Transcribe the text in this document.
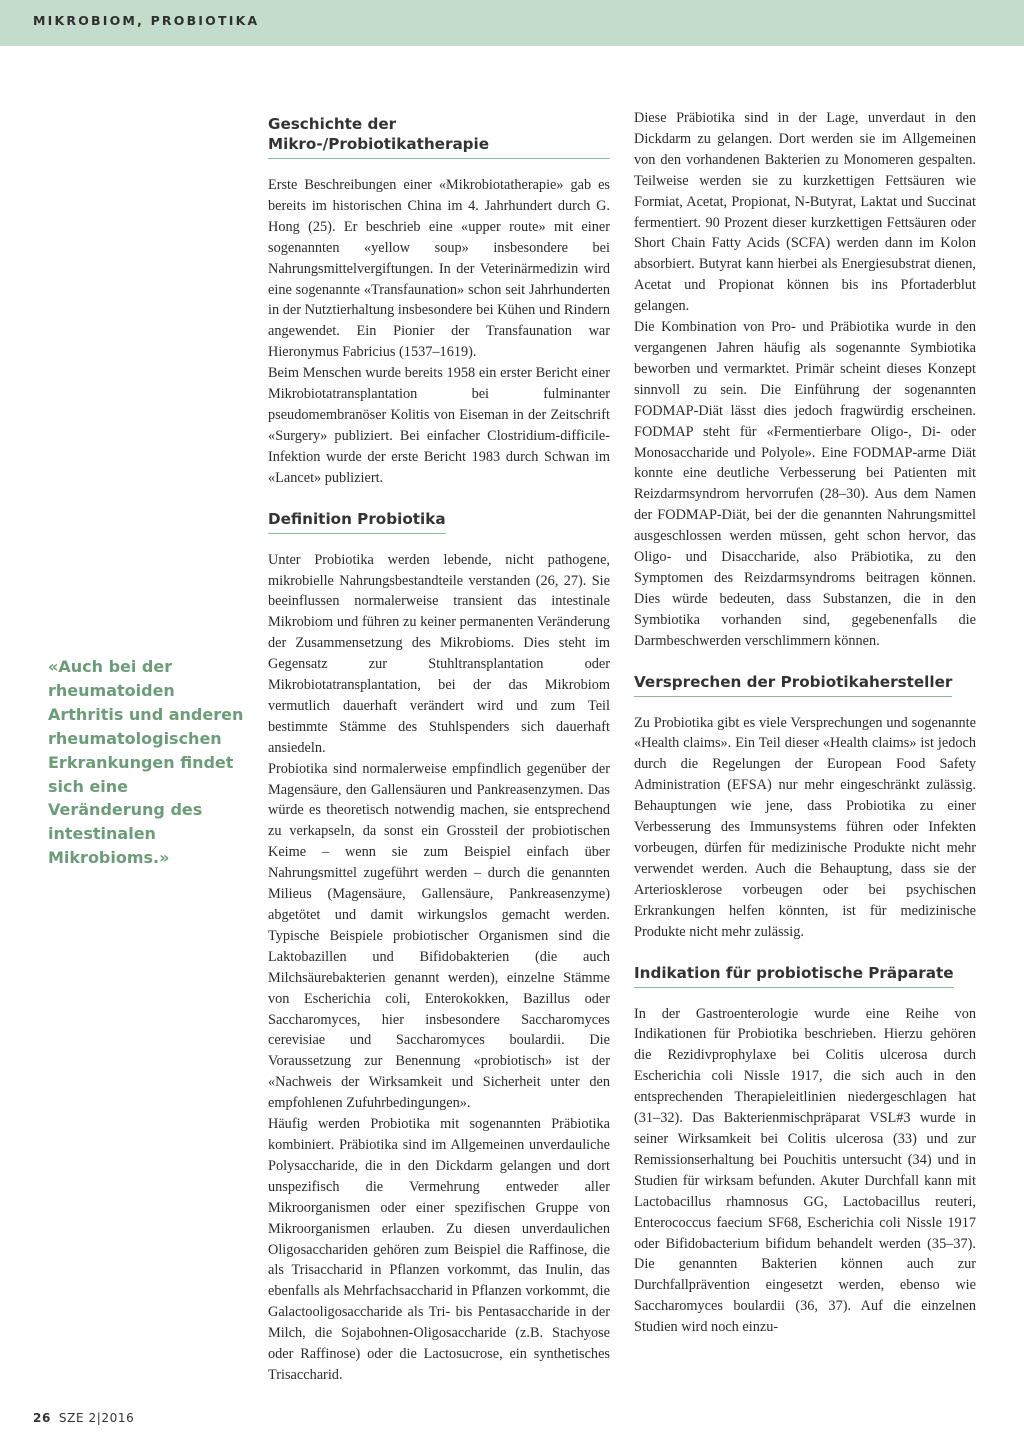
MIKROBIOM, PROBIOTIKA
«Auch bei der rheumatoiden Arthritis und anderen rheumatologischen Erkrankungen findet sich eine Veränderung des intestinalen Mikrobioms.»
Geschichte der Mikro-/Probiotikatherapie

Erste Beschreibungen einer «Mikrobiotatherapie» gab es bereits im historischen China im 4. Jahrhundert durch G. Hong (25). Er beschrieb eine «upper route» mit einer sogenannten «yellow soup» insbesondere bei Nahrungsmittelvergiftungen. In der Veterinärmedizin wird eine sogenannte «Transfaunation» schon seit Jahrhunderten in der Nutztierhaltung insbesondere bei Kühen und Rindern angewendet. Ein Pionier der Transfaunation war Hieronymus Fabricius (1537–1619).

Beim Menschen wurde bereits 1958 ein erster Bericht einer Mikrobiotatransplantation bei fulminanter pseudomembranöser Kolitis von Eiseman in der Zeitschrift «Surgery» publiziert. Bei einfacher Clostridium-difficile-Infektion wurde der erste Bericht 1983 durch Schwan im «Lancet» publiziert.

Definition Probiotika

Unter Probiotika werden lebende, nicht pathogene, mikrobielle Nahrungsbestandteile verstanden (26, 27). Sie beeinflussen normalerweise transient das intestinale Mikrobiom und führen zu keiner permanenten Veränderung der Zusammensetzung des Mikrobioms. Dies steht im Gegensatz zur Stuhltransplantation oder Mikrobiotatransplantation, bei der das Mikrobiom vermutlich dauerhaft verändert wird und zum Teil bestimmte Stämme des Stuhlspenders sich dauerhaft ansiedeln.

Probiotika sind normalerweise empfindlich gegenüber der Magensäure, den Gallensäuren und Pankreasenzymen. Das würde es theoretisch notwendig machen, sie entsprechend zu verkapseln, da sonst ein Grossteil der probiotischen Keime – wenn sie zum Beispiel einfach über Nahrungsmittel zugeführt werden – durch die genannten Milieus (Magensäure, Gallensäure, Pankreasenzyme) abgetötet und damit wirkungslos gemacht werden. Typische Beispiele probiotischer Organismen sind die Laktobazillen und Bifidobakterien (die auch Milchsäurebakterien genannt werden), einzelne Stämme von Escherichia coli, Enterokokken, Bazillus oder Saccharomyces, hier insbesondere Saccharomyces cerevisiae und Saccharomyces boulardii. Die Voraussetzung zur Benennung «probiotisch» ist der «Nachweis der Wirksamkeit und Sicherheit unter den empfohlenen Zufuhrbedingungen».

Häufig werden Probiotika mit sogenannten Präbiotika kombiniert. Präbiotika sind im Allgemeinen unverdauliche Polysaccharide, die in den Dickdarm gelangen und dort unspezifisch die Vermehrung entweder aller Mikroorganismen oder einer spezifischen Gruppe von Mikroorganismen erlauben. Zu diesen unverdaulichen Oligosacchariden gehören zum Beispiel die Raffinose, die als Trisaccharid in Pflanzen vorkommt, das Inulin, das ebenfalls als Mehrfachsaccharid in Pflanzen vorkommt, die Galactooligosaccharide als Tri- bis Pentasaccharide in der Milch, die Sojabohnen-Oligosaccharide (z.B. Stachyose oder Raffinose) oder die Lactosucrose, ein synthetisches Trisaccharid.

Diese Präbiotika sind in der Lage, unverdaut in den Dickdarm zu gelangen. Dort werden sie im Allgemeinen von den vorhandenen Bakterien zu Monomeren gespalten. Teilweise werden sie zu kurzkettigen Fettsäuren wie Formiat, Acetat, Propionat, N-Butyrat, Laktat und Succinat fermentiert. 90 Prozent dieser kurzkettigen Fettsäuren oder Short Chain Fatty Acids (SCFA) werden dann im Kolon absorbiert. Butyrat kann hierbei als Energiesubstrat dienen, Acetat und Propionat können bis ins Pfortaderblut gelangen.

Die Kombination von Pro- und Präbiotika wurde in den vergangenen Jahren häufig als sogenannte Symbiotika beworben und vermarktet. Primär scheint dieses Konzept sinnvoll zu sein. Die Einführung der sogenannten FODMAP-Diät lässt dies jedoch fragwürdig erscheinen. FODMAP steht für «Fermentierbare Oligo-, Di- oder Monosaccharide und Polyole». Eine FODMAP-arme Diät konnte eine deutliche Verbesserung bei Patienten mit Reizdarmsyndrom hervorrufen (28–30). Aus dem Namen der FODMAP-Diät, bei der die genannten Nahrungsmittel ausgeschlossen werden müssen, geht schon hervor, das Oligo- und Disaccharide, also Präbiotika, zu den Symptomen des Reizdarmsyndroms beitragen können. Dies würde bedeuten, dass Substanzen, die in den Symbiotika vorhanden sind, gegebenenfalls die Darmbeschwerden verschlimmern können.

Versprechen der Probiotikahersteller

Zu Probiotika gibt es viele Versprechungen und sogenannte «Health claims». Ein Teil dieser «Health claims» ist jedoch durch die Regelungen der European Food Safety Administration (EFSA) nur mehr eingeschränkt zulässig. Behauptungen wie jene, dass Probiotika zu einer Verbesserung des Immunsystems führen oder Infekten vorbeugen, dürfen für medizinische Produkte nicht mehr verwendet werden. Auch die Behauptung, dass sie der Arteriosklerose vorbeugen oder bei psychischen Erkrankungen helfen könnten, ist für medizinische Produkte nicht mehr zulässig.

Indikation für probiotische Präparate

In der Gastroenterologie wurde eine Reihe von Indikationen für Probiotika beschrieben. Hierzu gehören die Rezidivprophylaxe bei Colitis ulcerosa durch Escherichia coli Nissle 1917, die sich auch in den entsprechenden Therapieleitlinien niedergeschlagen hat (31–32). Das Bakterienmischpräparat VSL#3 wurde in seiner Wirksamkeit bei Colitis ulcerosa (33) und zur Remissionserhaltung bei Pouchitis untersucht (34) und in Studien für wirksam befunden. Akuter Durchfall kann mit Lactobacillus rhamnosus GG, Lactobacillus reuteri, Enterococcus faecium SF68, Escherichia coli Nissle 1917 oder Bifidobacterium bifidum behandelt werden (35–37). Die genannten Bakterien können auch zur Durchfallprävention eingesetzt werden, ebenso wie Saccharomyces boulardii (36, 37). Auf die einzelnen Studien wird noch einzu-

26 SZE 2|2016
